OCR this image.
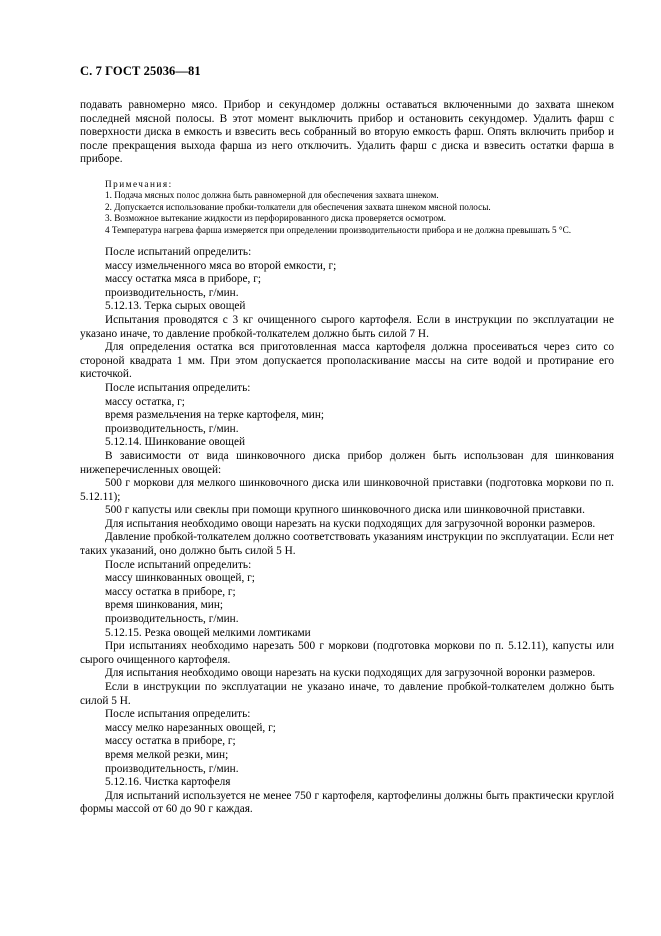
С. 7 ГОСТ 25036—81

подавать равномерно мясо. Прибор и секундомер должны оставаться включенными до захвата шнеком последней мясной полосы. В этот момент выключить прибор и остановить секундомер. Удалить фарш с поверхности диска в емкость и взвесить весь собранный во вторую емкость фарш. Опять включить прибор и после прекращения выхода фарша из него отключить. Удалить фарш с диска и взвесить остатки фарша в приборе.

Примечания:

1. Подача мясных полос должна быть равномерной для обеспечения захвата шнеком.

2. Допускается использование пробки-толкатели для обеспечения захвата шнеком мясной полосы.

3. Возможное вытекание жидкости из перфорированного диска проверяется осмотром.

4 Температура нагрева фарша измеряется при определении производительности прибора и не должна превышать 5 °С.

После испытаний определить:

массу измельченного мяса во второй емкости, г;

массу остатка мяса в приборе, г;

производительность, г/мин.

5.12.13. Терка сырых овощей

Испытания проводятся с 3 кг очищенного сырого картофеля. Если в инструкции по эксплуатации не указано иначе, то давление пробкой-толкателем должно быть силой 7 Н.

Для определения остатка вся приготовленная масса картофеля должна просеиваться через сито со стороной квадрата 1 мм. При этом допускается прополаскивание массы на сите водой и протирание его кисточкой.

После испытания определить:

массу остатка, г;

время размельчения на терке картофеля, мин;

производительность, г/мин.

5.12.14. Шинкование овощей

В зависимости от вида шинковочного диска прибор должен быть использован для шинкования нижеперечисленных овощей:

500 г моркови для мелкого шинковочного диска или шинковочной приставки (подготовка моркови по п. 5.12.11);

500 г капусты или свеклы при помощи крупного шинковочного диска или шинковочной приставки.

Для испытания необходимо овощи нарезать на куски подходящих для загрузочной воронки размеров.

Давление пробкой-толкателем должно соответствовать указаниям инструкции по эксплуатации. Если нет таких указаний, оно должно быть силой 5 Н.

После испытаний определить:

массу шинкованных овощей, г;

массу остатка в приборе, г;

время шинкования, мин;

производительность, г/мин.

5.12.15. Резка овощей мелкими ломтиками

При испытаниях необходимо нарезать 500 г моркови (подготовка моркови по п. 5.12.11), капусты или сырого очищенного картофеля.

Для испытания необходимо овощи нарезать на куски подходящих для загрузочной воронки размеров.

Если в инструкции по эксплуатации не указано иначе, то давление пробкой-толкателем должно быть силой 5 Н.

После испытания определить:

массу мелко нарезанных овощей, г;

массу остатка в приборе, г;

время мелкой резки, мин;

производительность, г/мин.

5.12.16. Чистка картофеля

Для испытаний используется не менее 750 г картофеля, картофелины должны быть практически круглой формы массой от 60 до 90 г каждая.
